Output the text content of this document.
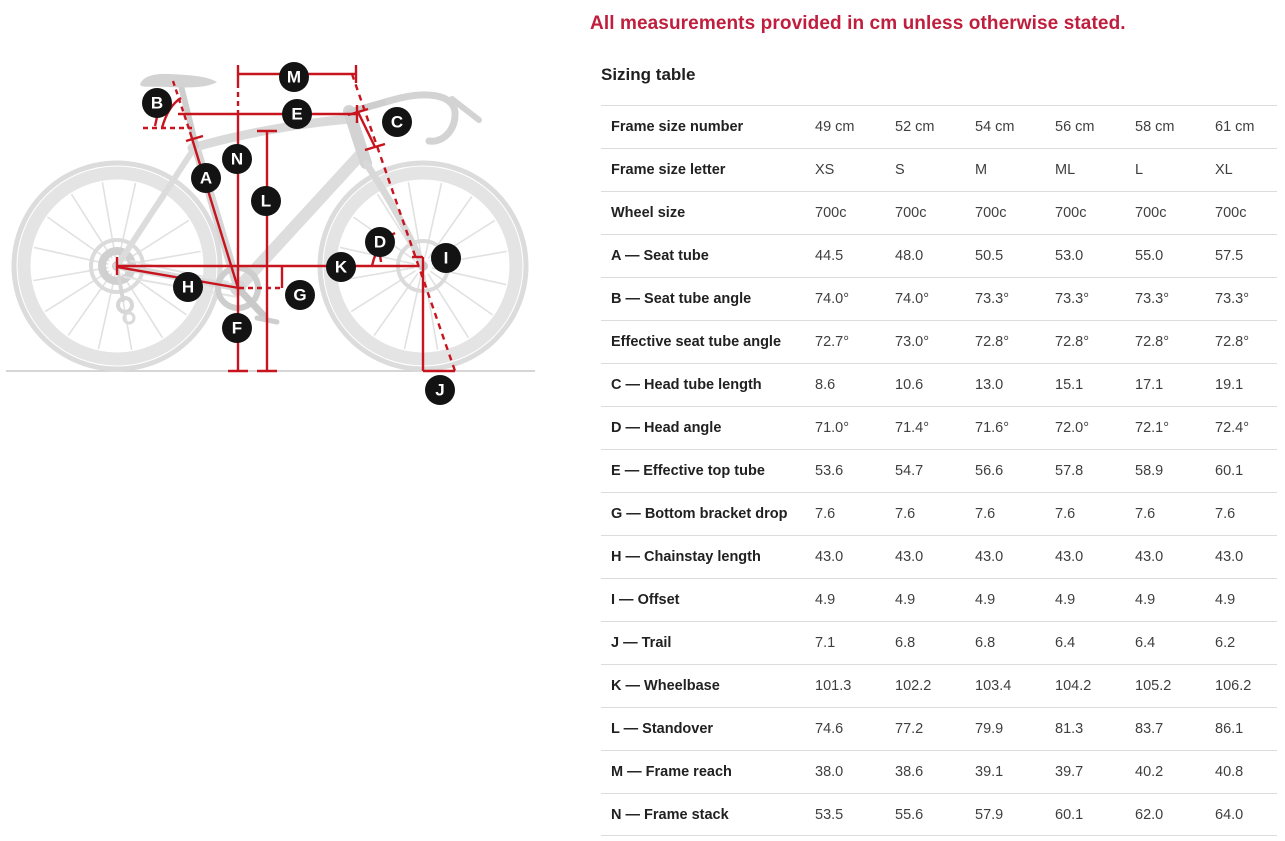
A
B
C
D
E
F
G
H
I
J
K
L
M
N
All measurements provided in cm unless otherwise stated.
Sizing table
Frame size number	49 cm	52 cm	54 cm	56 cm	58 cm	61 cm
Frame size letter	XS	S	M	ML	L	XL
Wheel size	700c	700c	700c	700c	700c	700c
A — Seat tube	44.5	48.0	50.5	53.0	55.0	57.5
B — Seat tube angle	74.0°	74.0°	73.3°	73.3°	73.3°	73.3°
Effective seat tube angle	72.7°	73.0°	72.8°	72.8°	72.8°	72.8°
C — Head tube length	8.6	10.6	13.0	15.1	17.1	19.1
D — Head angle	71.0°	71.4°	71.6°	72.0°	72.1°	72.4°
E — Effective top tube	53.6	54.7	56.6	57.8	58.9	60.1
G — Bottom bracket drop	7.6	7.6	7.6	7.6	7.6	7.6
H — Chainstay length	43.0	43.0	43.0	43.0	43.0	43.0
I — Offset	4.9	4.9	4.9	4.9	4.9	4.9
J — Trail	7.1	6.8	6.8	6.4	6.4	6.2
K — Wheelbase	101.3	102.2	103.4	104.2	105.2	106.2
L — Standover	74.6	77.2	79.9	81.3	83.7	86.1
M — Frame reach	38.0	38.6	39.1	39.7	40.2	40.8
N — Frame stack	53.5	55.6	57.9	60.1	62.0	64.0
